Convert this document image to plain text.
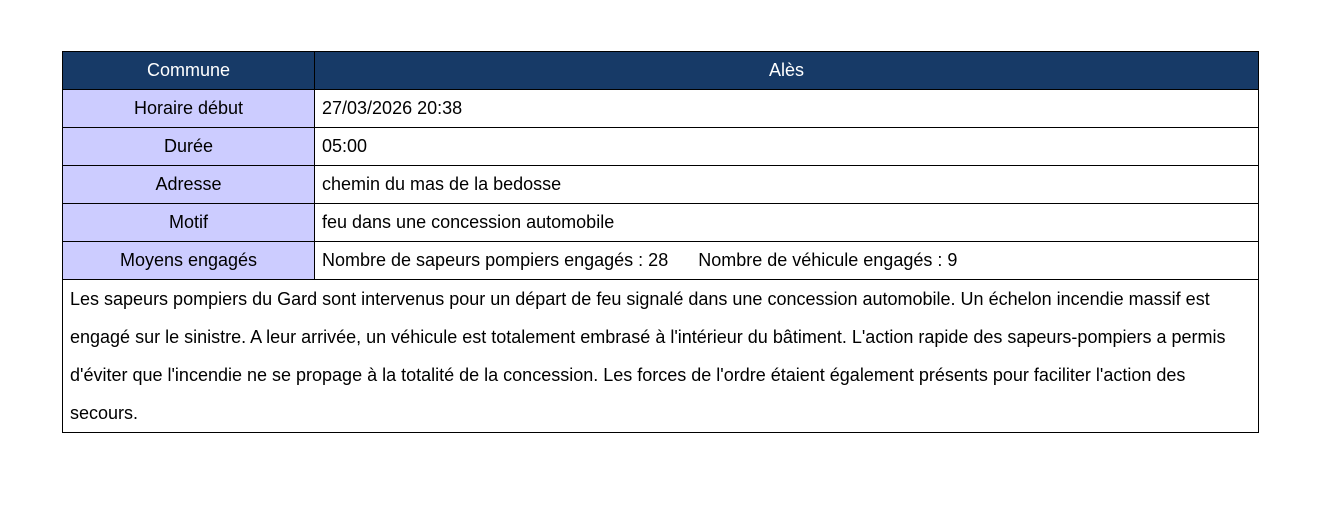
Commune	Alès
Horaire début	27/03/2026 20:38
Durée	05:00
Adresse	chemin du mas de la bedosse
Motif	feu dans une concession automobile
Moyens engagés	Nombre de sapeurs pompiers engagés : 28 Nombre de véhicule engagés : 9
Les sapeurs pompiers du Gard sont intervenus pour un départ de feu signalé dans une concession automobile. Un échelon incendie massif est engagé sur le sinistre. A leur arrivée, un véhicule est totalement embrasé à l'intérieur du bâtiment. L'action rapide des sapeurs-pompiers a permis d'éviter que l'incendie ne se propage à la totalité de la concession. Les forces de l'ordre étaient également présents pour faciliter l'action des secours.	
